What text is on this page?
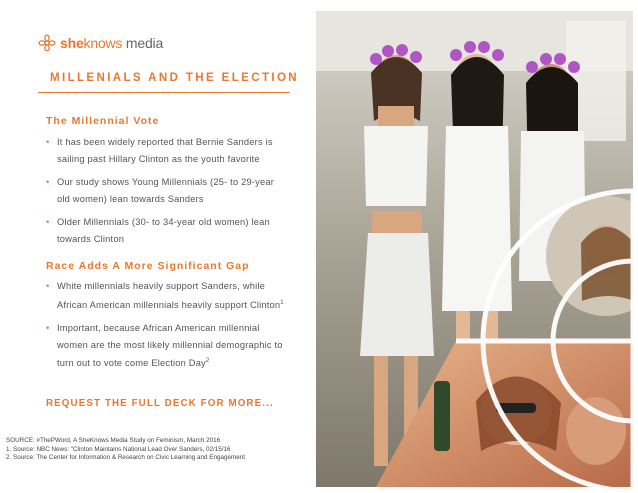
sheknows media
MILLENIALS AND THE ELECTION
The Millennial Vote
• It has been widely reported that Bernie Sanders is sailing past Hillary Clinton as the youth favorite
• Our study shows Young Millennials (25- to 29-year old women) lean towards Sanders
• Older Millennials (30- to 34-year old women) lean towards Clinton
Race Adds A More Significant Gap
• White millennials heavily support Sanders, while African American millennials heavily support Clinton$^1$
• Important, because African American millennial women are the most likely millennial demographic to turn out to vote come Election Day$^2$
REQUEST THE FULL DECK FOR MORE...
SOURCE: #ThePWord, A SheKnows Media Study on Feminism, March 2016
1. Source: NBC News: "Clinton Maintains National Lead Over Sanders, 02/15/16
2. Source: The Center for Information & Research on Civic Learning and Engagement
